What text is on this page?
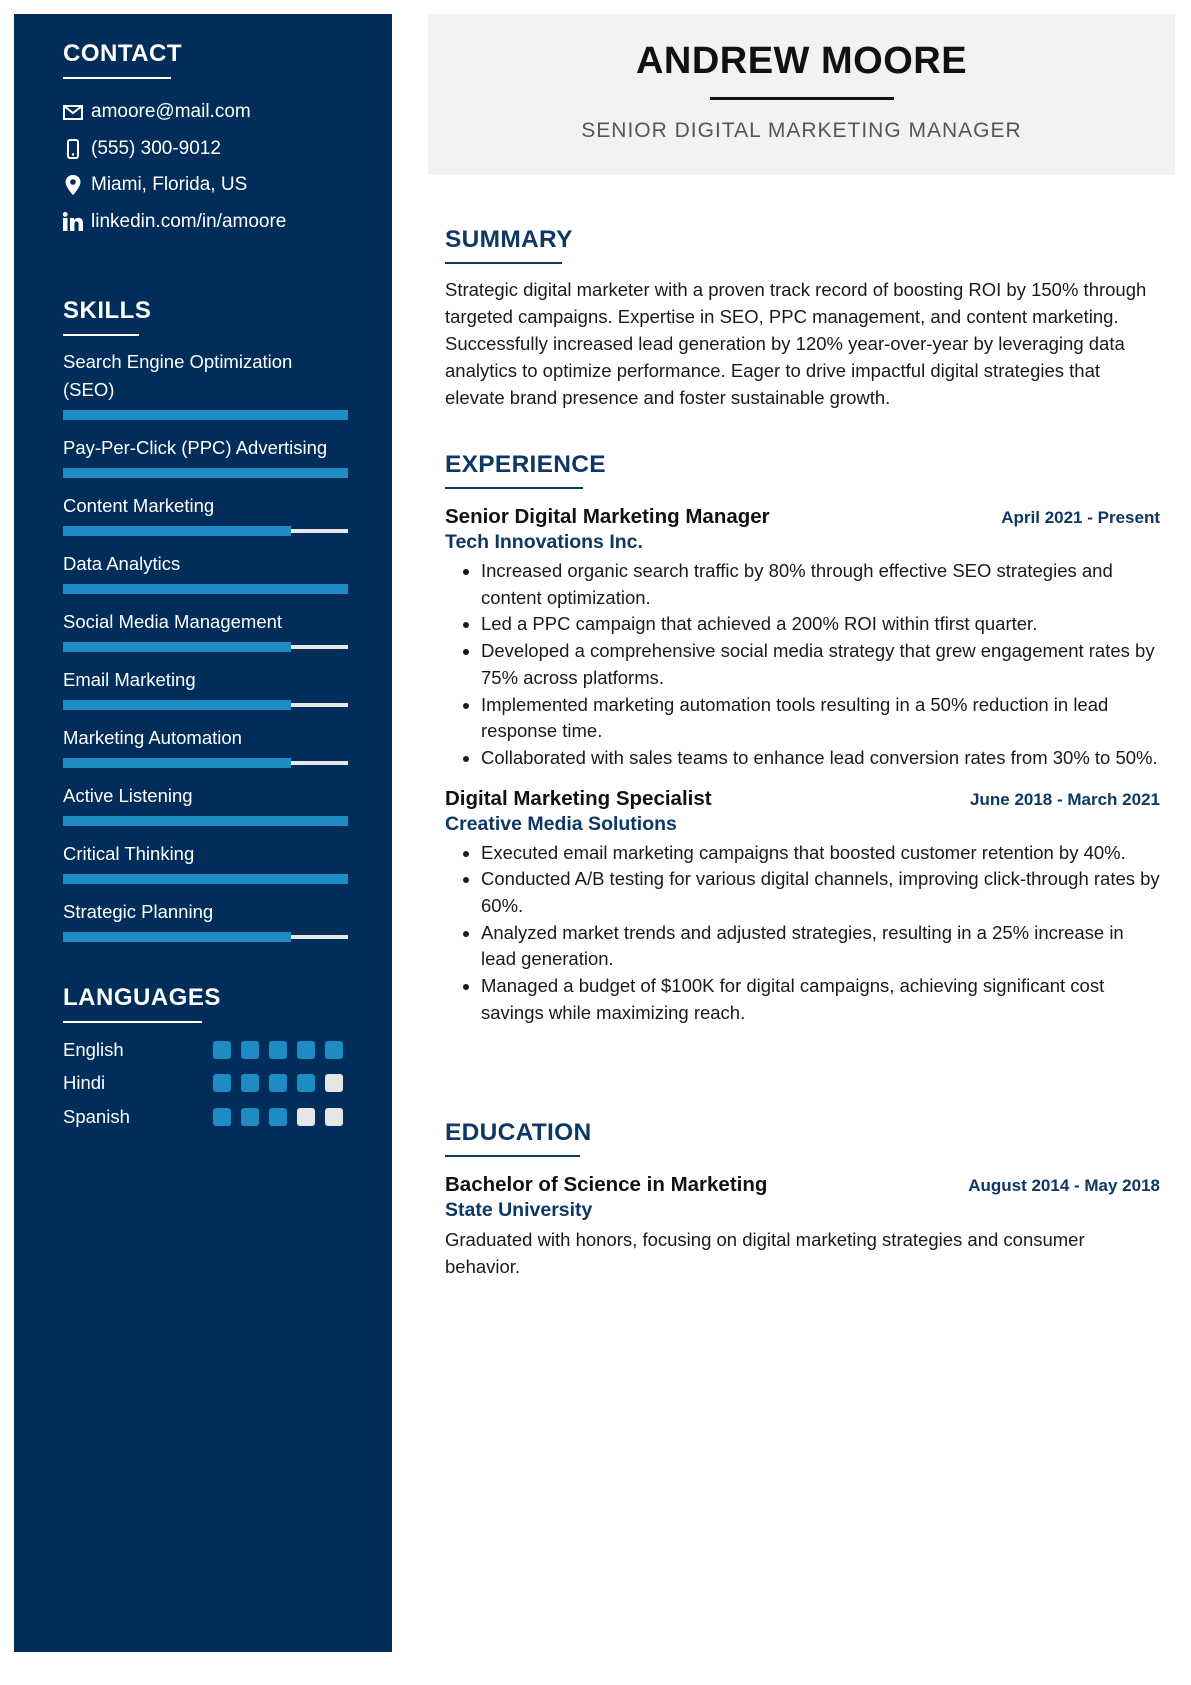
CONTACT
amoore@mail.com
(555) 300-9012
Miami, Florida, US
linkedin.com/in/amoore
SKILLS
Search Engine Optimization (SEO)
Pay-Per-Click (PPC) Advertising
Content Marketing
Data Analytics
Social Media Management
Email Marketing
Marketing Automation
Active Listening
Critical Thinking
Strategic Planning
LANGUAGES
English
Hindi
Spanish
ANDREW MOORE
SENIOR DIGITAL MARKETING MANAGER
SUMMARY
Strategic digital marketer with a proven track record of boosting ROI by 150% through targeted campaigns. Expertise in SEO, PPC management, and content marketing. Successfully increased lead generation by 120% year-over-year by leveraging data analytics to optimize performance. Eager to drive impactful digital strategies that elevate brand presence and foster sustainable growth.
EXPERIENCE
Senior Digital Marketing Manager	April 2021 - Present
Tech Innovations Inc.
• Increased organic search traffic by 80% through effective SEO strategies and content optimization.
• Led a PPC campaign that achieved a 200% ROI within tfirst quarter.
• Developed a comprehensive social media strategy that grew engagement rates by 75% across platforms.
• Implemented marketing automation tools resulting in a 50% reduction in lead response time.
• Collaborated with sales teams to enhance lead conversion rates from 30% to 50%.
Digital Marketing Specialist	June 2018 - March 2021
Creative Media Solutions
• Executed email marketing campaigns that boosted customer retention by 40%.
• Conducted A/B testing for various digital channels, improving click-through rates by 60%.
• Analyzed market trends and adjusted strategies, resulting in a 25% increase in lead generation.
• Managed a budget of $100K for digital campaigns, achieving significant cost savings while maximizing reach.
EDUCATION
Bachelor of Science in Marketing	August 2014 - May 2018
State University
Graduated with honors, focusing on digital marketing strategies and consumer behavior.
